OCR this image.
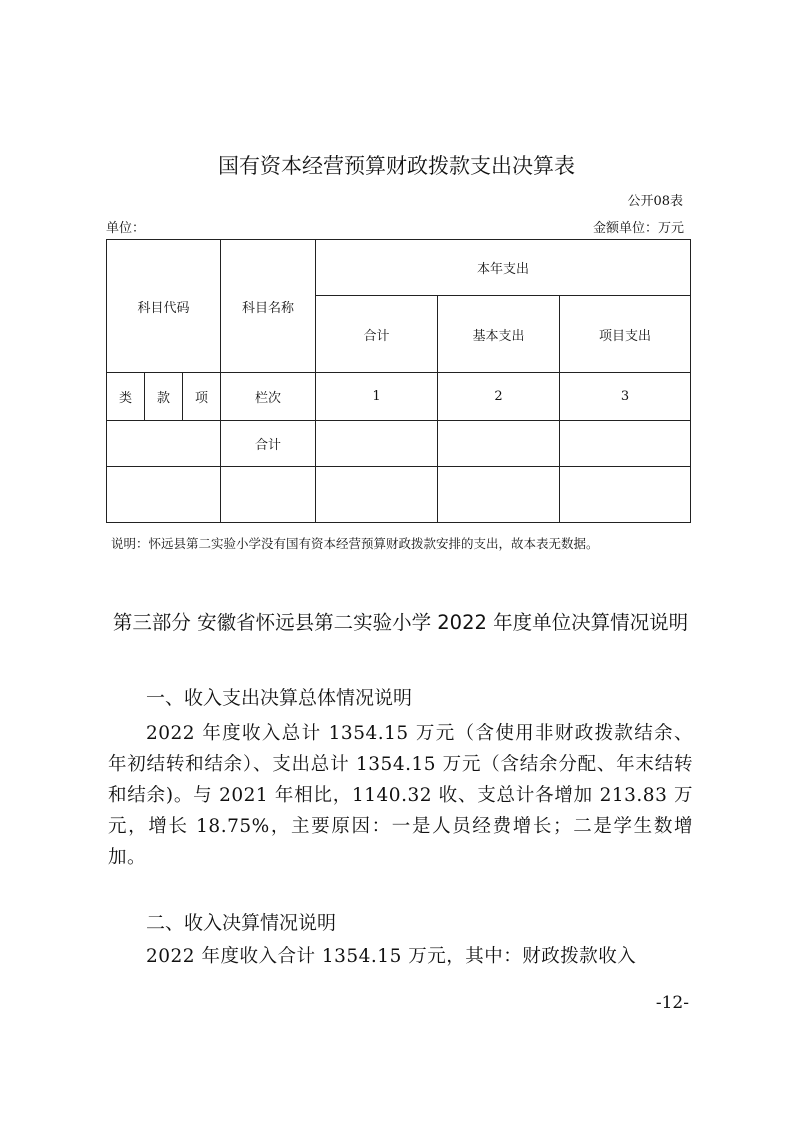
国有资本经营预算财政拨款支出决算表
公开08表
单位：	金额单位：万元
科目代码			科目名称	本年支出		
				合计	基本支出	项目支出
类	款	项	栏次	1	2	3
			合计			

说明：怀远县第二实验小学没有国有资本经营预算财政拨款安排的支出，故本表无数据。
第三部分 安徽省怀远县第二实验小学 2022 年度单位决算情况说明
一、收入支出决算总体情况说明
2022 年度收入总计 1354.15 万元（含使用非财政拨款结余、年初结转和结余）、支出总计 1354.15 万元（含结余分配、年末结转和结余)。与 2021 年相比，1140.32 收、支总计各增加 213.83 万元，增长 18.75%，主要原因：一是人员经费增长；二是学生数增加。
二、收入决算情况说明
2022 年度收入合计 1354.15 万元，其中：财政拨款收入
-12-
